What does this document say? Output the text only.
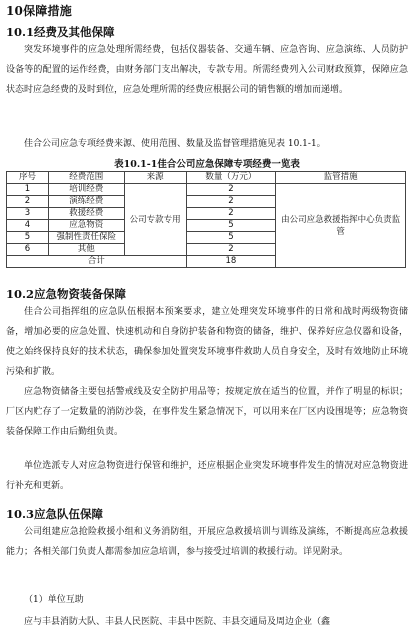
10保障措施
10.1经费及其他保障
突发环境事件的应急处理所需经费，包括仪器装备、交通车辆、应急咨询、应急演练、人员防护设备等的配置的运作经费，由财务部门支出解决，专款专用。所需经费列入公司财政预算，保障应急状态时应急经费的及时到位，应急处理所需的经费应根据公司的销售额的增加而递增。
佳合公司应急专项经费来源、使用范围、数量及监督管理措施见表 10.1-1。
表10.1-1佳合公司应急保障专项经费一览表
序号	经费范围	来源	数量（万元）	监管措施
1	培训经费	公司专款专用	2	由公司应急救援指挥中心负责监管
2	演练经费		2	
3	救援经费		2	
4	应急物资		5	
5	强制性责任保险		5	
6	其他		2	
合计			18	
10.2应急物资装备保障
佳合公司指挥组的应急队伍根据本预案要求，建立处理突发环境事件的日常和战时两级物资储备，增加必要的应急处置、快速机动和自身防护装备和物资的储备，维护、保养好应急仪器和设备，使之始终保持良好的技术状态，确保参加处置突发环境事件救助人员自身安全，及时有效地防止环境污染和扩散。
应急物资储备主要包括警戒线及安全防护用品等；按规定放在适当的位置，并作了明显的标识；厂区内贮存了一定数量的消防沙袋，在事件发生紧急情况下，可以用来在厂区内设围堤等；应急物资装备保障工作由后勤组负责。
单位选派专人对应急物资进行保管和维护，还应根据企业突发环境事件发生的情况对应急物资进行补充和更新。
10.3应急队伍保障
公司组建应急抢险救援小组和义务消防组，开展应急救援培训与训练及演练，不断提高应急救援能力；各相关部门负责人都需参加应急培训，参与接受过培训的救援行动。详见附录。
（1）单位互助
应与丰县消防大队、丰县人民医院、丰县中医院、丰县交通局及周边企业（鑫
